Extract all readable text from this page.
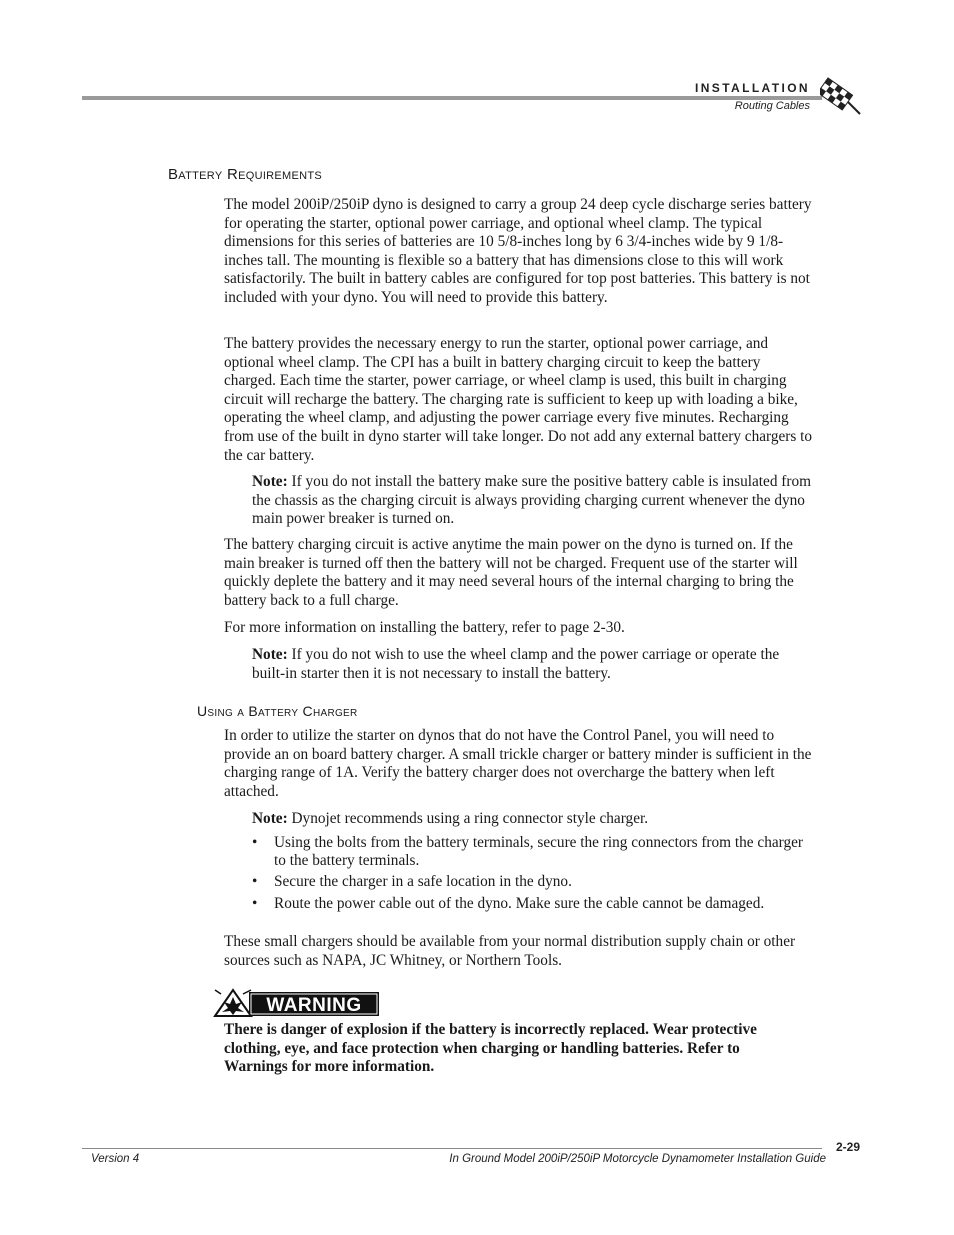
INSTALLATION
Routing Cables
Battery Requirements

The model 200iP/250iP dyno is designed to carry a group 24 deep cycle discharge series battery for operating the starter, optional power carriage, and optional wheel clamp. The typical dimensions for this series of batteries are 10 5/8-inches long by 6 3/4-inches wide by 9 1/8-inches tall. The mounting is flexible so a battery that has dimensions close to this will work satisfactorily. The built in battery cables are configured for top post batteries. This battery is not included with your dyno. You will need to provide this battery.

The battery provides the necessary energy to run the starter, optional power carriage, and optional wheel clamp. The CPI has a built in battery charging circuit to keep the battery charged. Each time the starter, power carriage, or wheel clamp is used, this built in charging circuit will recharge the battery. The charging rate is sufficient to keep up with loading a bike, operating the wheel clamp, and adjusting the power carriage every five minutes. Recharging from use of the built in dyno starter will take longer. Do not add any external battery chargers to the car battery.

Note: If you do not install the battery make sure the positive battery cable is insulated from the chassis as the charging circuit is always providing charging current whenever the dyno main power breaker is turned on.

The battery charging circuit is active anytime the main power on the dyno is turned on. If the main breaker is turned off then the battery will not be charged. Frequent use of the starter will quickly deplete the battery and it may need several hours of the internal charging to bring the battery back to a full charge.

For more information on installing the battery, refer to page 2-30.

Note: If you do not wish to use the wheel clamp and the power carriage or operate the built-in starter then it is not necessary to install the battery.

Using a Battery Charger

In order to utilize the starter on dynos that do not have the Control Panel, you will need to provide an on board battery charger. A small trickle charger or battery minder is sufficient in the charging range of 1A. Verify the battery charger does not overcharge the battery when left attached.

Note: Dynojet recommends using a ring connector style charger.

• Using the bolts from the battery terminals, secure the ring connectors from the charger to the battery terminals.
• Secure the charger in a safe location in the dyno.
• Route the power cable out of the dyno. Make sure the cable cannot be damaged.

These small chargers should be available from your normal distribution supply chain or other sources such as NAPA, JC Whitney, or Northern Tools.

WARNING

There is danger of explosion if the battery is incorrectly replaced. Wear protective clothing, eye, and face protection when charging or handling batteries. Refer to Warnings for more information.

2-29
Version 4	In Ground Model 200iP/250iP Motorcycle Dynamometer Installation Guide
